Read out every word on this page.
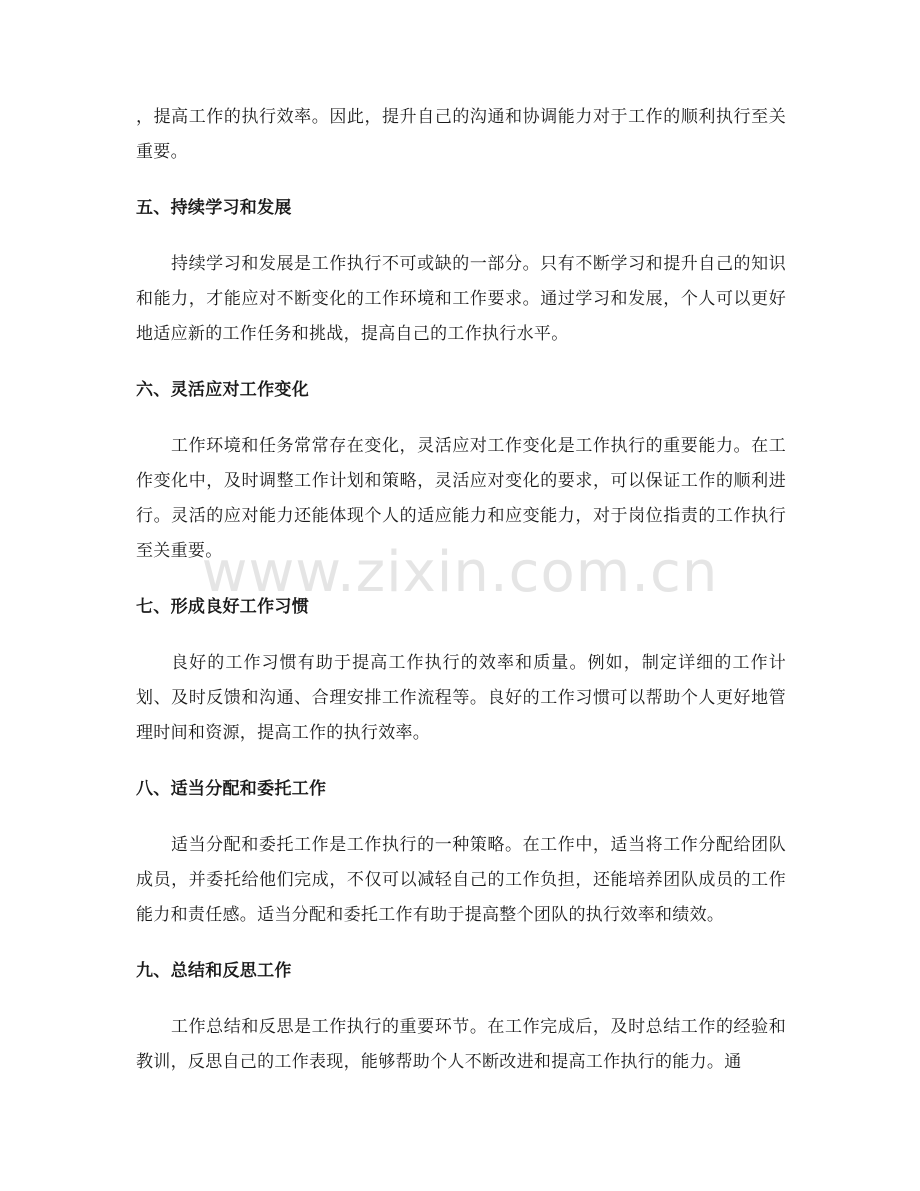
www.zixin.com.cn

，提高工作的执行效率。因此，提升自己的沟通和协调能力对于工作的顺利执行至关重要。

五、持续学习和发展

持续学习和发展是工作执行不可或缺的一部分。只有不断学习和提升自己的知识和能力，才能应对不断变化的工作环境和工作要求。通过学习和发展，个人可以更好地适应新的工作任务和挑战，提高自己的工作执行水平。

六、灵活应对工作变化

工作环境和任务常常存在变化，灵活应对工作变化是工作执行的重要能力。在工作变化中，及时调整工作计划和策略，灵活应对变化的要求，可以保证工作的顺利进行。灵活的应对能力还能体现个人的适应能力和应变能力，对于岗位指责的工作执行至关重要。

七、形成良好工作习惯

良好的工作习惯有助于提高工作执行的效率和质量。例如，制定详细的工作计划、及时反馈和沟通、合理安排工作流程等。良好的工作习惯可以帮助个人更好地管理时间和资源，提高工作的执行效率。

八、适当分配和委托工作

适当分配和委托工作是工作执行的一种策略。在工作中，适当将工作分配给团队成员，并委托给他们完成，不仅可以减轻自己的工作负担，还能培养团队成员的工作能力和责任感。适当分配和委托工作有助于提高整个团队的执行效率和绩效。

九、总结和反思工作

工作总结和反思是工作执行的重要环节。在工作完成后，及时总结工作的经验和教训，反思自己的工作表现，能够帮助个人不断改进和提高工作执行的能力。通
